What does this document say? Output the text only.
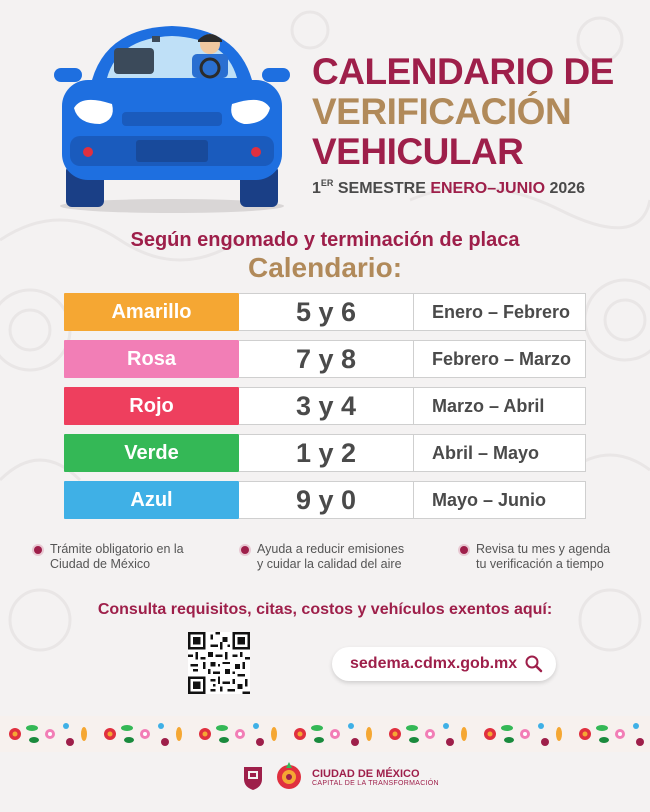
CALENDARIO DE
VERIFICACIÓN
VEHICULAR
1ER SEMESTRE ENERO–JUNIO 2026
Según engomado y terminación de placa
Calendario:
Amarillo	5 y 6	Enero – Febrero
Rosa	7 y 8	Febrero – Marzo
Rojo	3 y 4	Marzo – Abril
Verde	1 y 2	Abril – Mayo
Azul	9 y 0	Mayo – Junio
Trámite obligatorio en la
Ciudad de México
Ayuda a reducir emisiones
y cuidar la calidad del aire
Revisa tu mes y agenda
tu verificación a tiempo
Consulta requisitos, citas, costos y vehículos exentos aquí:
sedema.cdmx.gob.mx
CIUDAD DE MÉXICO
CAPITAL DE LA TRANSFORMACIÓN
